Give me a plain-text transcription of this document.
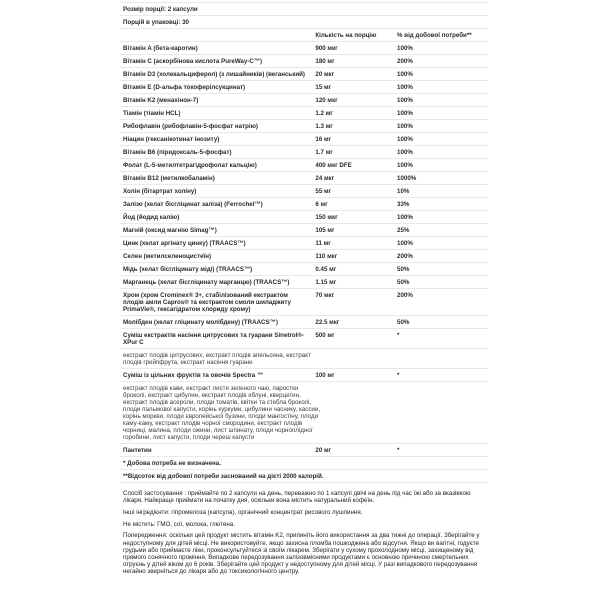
Розмір порції: 2 капсули
Порцій в упаковці: 30
Кількість на порцію	% від добової потреби**
Вітамін A (бета-каротин)	900 мкг	100%
Вітамін C (аскорбінова кислота PureWay-C™)	180 мг	200%
Вітамін D3 (холекальциферол) (з лишайників) (веганський)	20 мкг	100%
Вітамін E (D-альфа токоферілсукцинат)	15 мг	100%
Вітамін K2 (менахінон-7)	120 мкг	100%
Тіамін (тіамін HCL)	1.2 мг	100%
Рибофлавін (рибофлавін-5-фосфат натрію)	1.3 мг	100%
Ніацин (гексанікотинат інозиту)	16 мг	100%
Вітамін B6 (піридоксаль-5-фосфат)	1.7 мг	100%
Фолат (L-5-метилтетрагідрофолат кальцію)	400 мкг DFE	100%
Вітамін B12 (метилкобаламін)	24 мкг	1000%
Холін (бітартрат холіну)	55 мг	10%
Залізо (хелат бісгліцинат заліза) (Ferrochel™)	6 мг	33%
Йод (йодид калію)	150 мкг	100%
Магній (оксид магнію Simag™)	105 мг	25%
Цинк (хелат аргінату цинку) (TRAACS™)	11 мг	100%
Селен (метилселеноцистеїн)	110 мкг	200%
Мідь (хелат бісгліцинату міді) (TRAACS™)	0.45 мг	50%
Марганець (хелат бісгліцинату марганцю) (TRAACS™)	1.15 мг	50%
Хром (хром Crominex® 3+, стабілізований екстрактом плодів амли Capros® та екстрактом смоли шиладжиту PrimaVie®, гексагідратом хлориду хрому)
70 мкг	200%
Молібден (хелат гліцинату молібдену) (TRAACS™)	22.5 мкг	50%
Суміш екстрактів насіння цитрусових та гуарани Sinetrol®-XPur C
500 мг	*
екстракт плодів цитрусових, екстракт плодів апельсина, екстракт плодів грейпфрута, екстракт насіння гуарани
Суміш із цільних фруктів та овочів Spectra ™	100 мг	*
екстракт плодів кави, екстракт листя зеленого чаю, паростки броколі, екстракт цибулин, екстракт плодів яблуні, кверцетин, екстракт плодів асероли, плоди томатів, квітки та стебла броколі, плоди пальмової капусти, корінь куркуми, цибулини часнику, кассии, корінь моркви, плоди європейської бузини, плоди мангостіну, плоди каму-каму, екстракт плодів чорної смородини, екстракт плодів чорниці, малина, плоди ожини, лист шпинату, плоди чорноплідної горобини, лист капусти, плоди череш капусти
Пантетин	20 мг	*
* Добова потреба не визначена.
**Відсоток від добової потреби заснований на дієті 2000 калорій.

Спосіб застосування : приймайте по 2 капсули на день, переважно по 1 капсулі двічі на день під час їжі або за вказівкою лікаря. Найкраще приймати на початку дня, оскільки вона містить натуральний кофеїн.

Інші інгредієнти: гіпромелоза (капсула), органічний концентрат рисового лушпиння.

Не містить: ГМО, сої, молока, глютена.

Попередження: оскільки цей продукт містить вітамін K2, припиніть його використання за два тижні до операції. Зберігайте у недоступному для дітей місці. Не використовуйте, якщо захисна пломба пошкоджена або відсутня. Якщо ви вагітні, годуєте грудьми або приймаєте ліки, проконсультуйтеся зі своїм лікарем. Зберігати у сухому прохолодному місці, захищеному від прямого сонячного проміння. Випадкове передозування залізовмісними продуктами є основною причиною смертельних отруєнь у дітей віком до 6 років. Зберігайте цей продукт у недоступному для дітей місці. У разі випадкового передозування негайно зверніться до лікаря або до токсикологічного центру.
